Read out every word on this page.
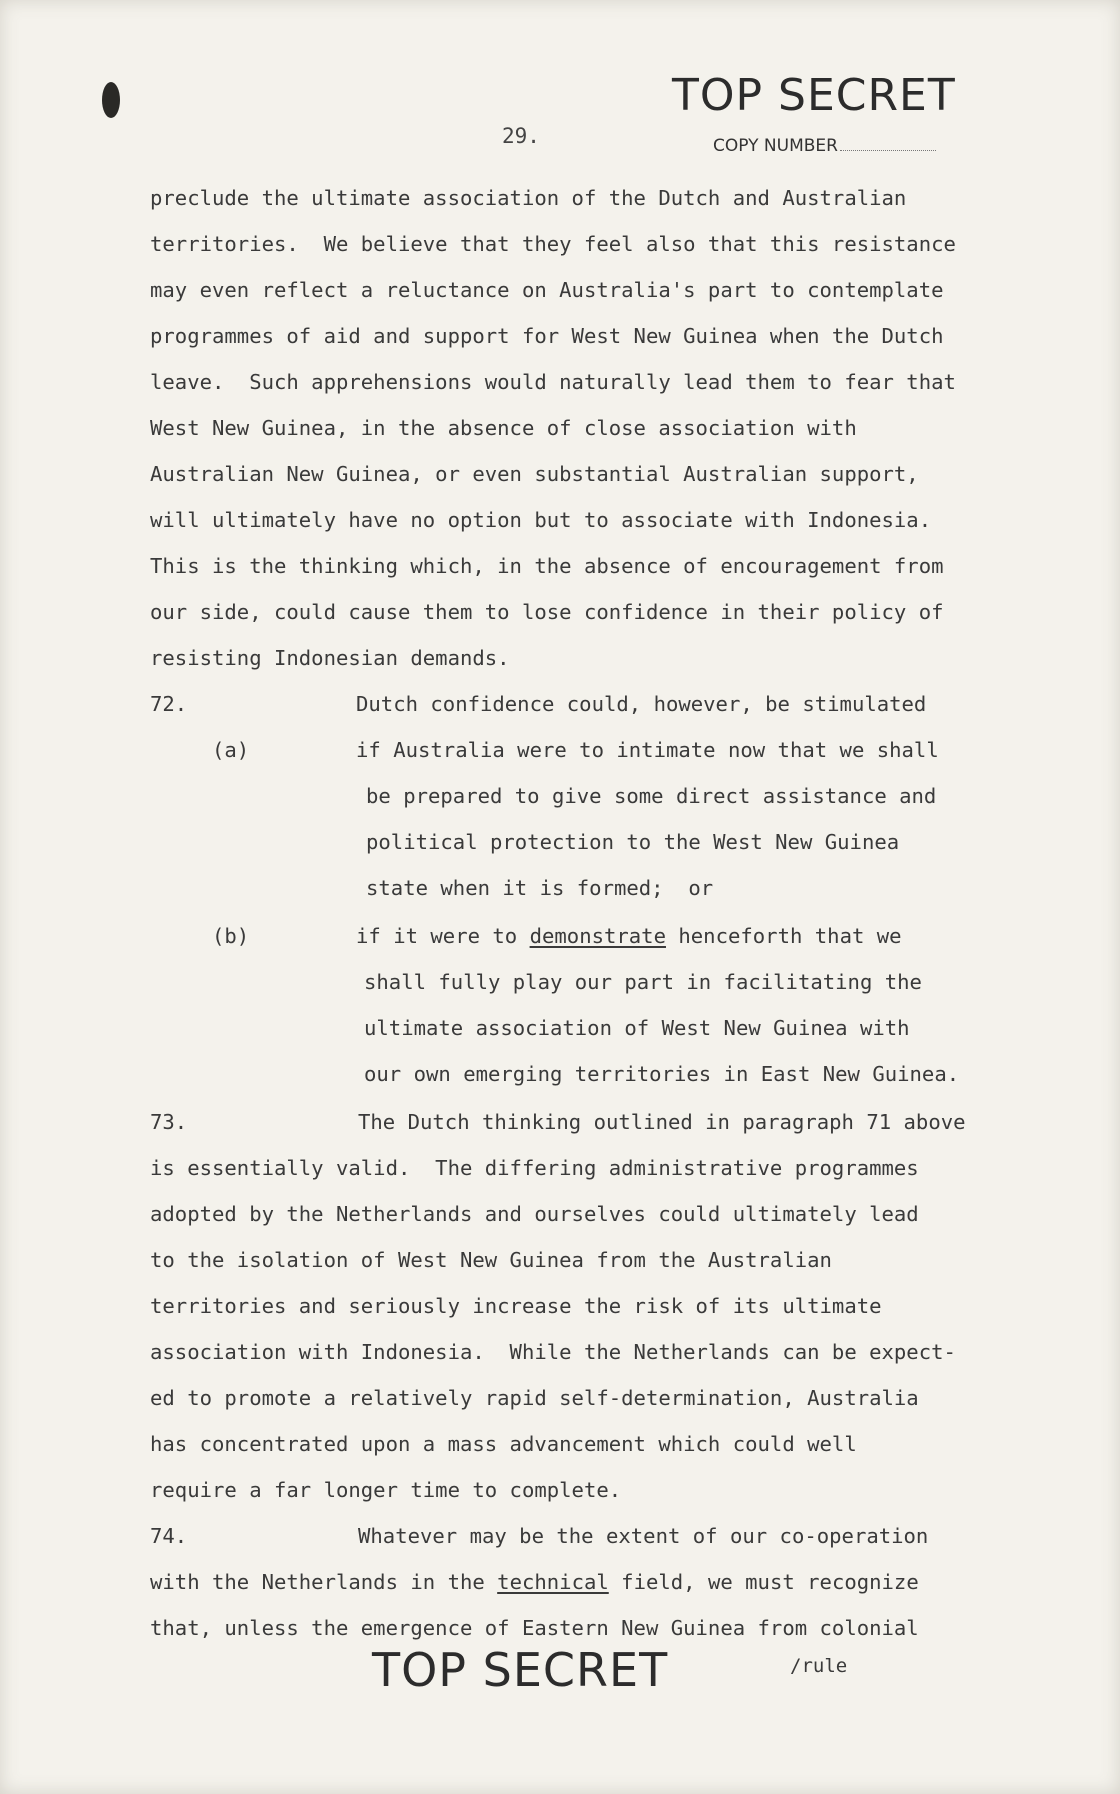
TOP SECRET
29.	COPY NUMBER
preclude the ultimate association of the Dutch and Australian
territories.  We believe that they feel also that this resistance
may even reflect a reluctance on Australia's part to contemplate
programmes of aid and support for West New Guinea when the Dutch
leave.  Such apprehensions would naturally lead them to fear that
West New Guinea, in the absence of close association with
Australian New Guinea, or even substantial Australian support,
will ultimately have no option but to associate with Indonesia.
This is the thinking which, in the absence of encouragement from
our side, could cause them to lose confidence in their policy of
resisting Indonesian demands.
72.	Dutch confidence could, however, be stimulated
(a)	if Australia were to intimate now that we shall
be prepared to give some direct assistance and
political protection to the West New Guinea
state when it is formed;  or
(b)	if it were to demonstrate henceforth that we
shall fully play our part in facilitating the
ultimate association of West New Guinea with
our own emerging territories in East New Guinea.
73.	The Dutch thinking outlined in paragraph 71 above
is essentially valid.  The differing administrative programmes
adopted by the Netherlands and ourselves could ultimately lead
to the isolation of West New Guinea from the Australian
territories and seriously increase the risk of its ultimate
association with Indonesia.  While the Netherlands can be expect-
ed to promote a relatively rapid self-determination, Australia
has concentrated upon a mass advancement which could well
require a far longer time to complete.
74.	Whatever may be the extent of our co-operation
with the Netherlands in the technical field, we must recognize
that, unless the emergence of Eastern New Guinea from colonial
TOP SECRET	/rule
